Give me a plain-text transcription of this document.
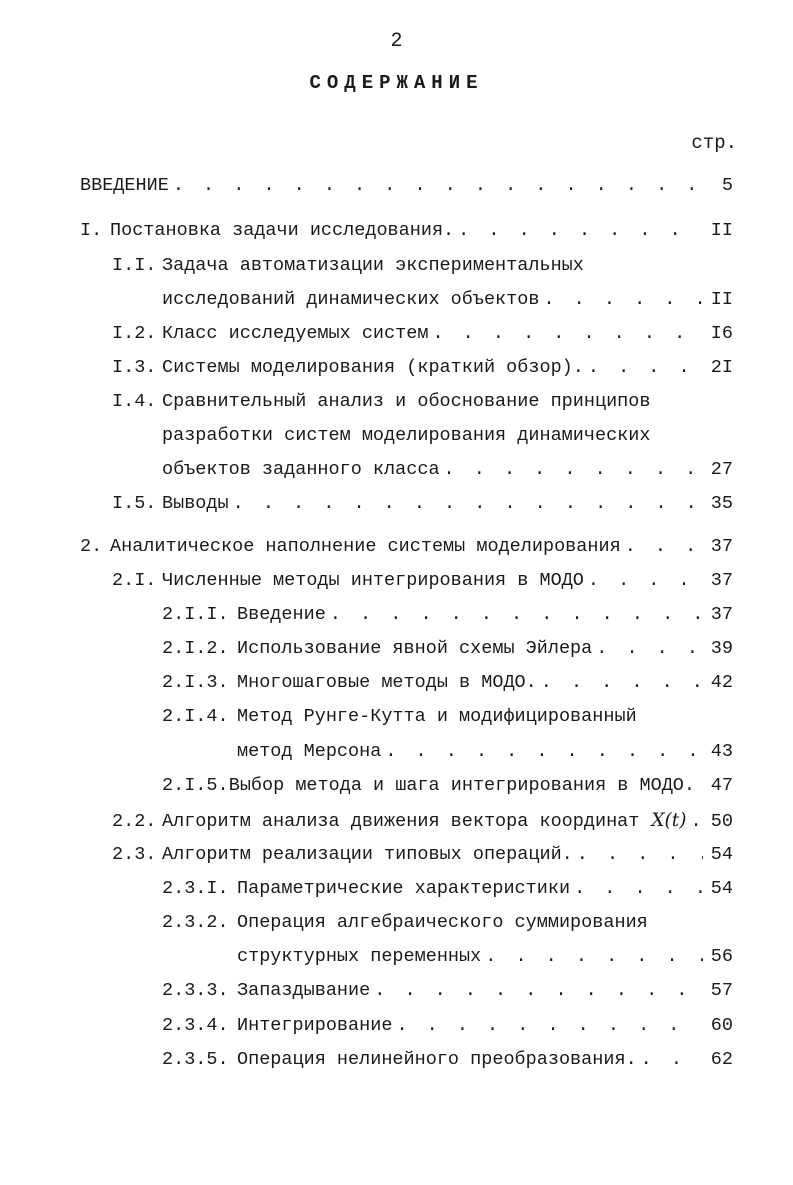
2
СОДЕРЖАНИЕ
стр.
ВВЕДЕНИЕ . . .	5
I. Постановка задачи исследования. . . .	II
I.I. Задача автоматизации экспериментальных
исследований динамических объектов . . .	II
I.2. Класс исследуемых систем . . .	I6
I.3. Системы моделирования (краткий обзор). . . .	2I
I.4. Сравнительный анализ и обоснование принципов
разработки систем моделирования динамических
объектов заданного класса . . .	27
I.5. Выводы . . .	35
2. Аналитическое наполнение системы моделирования . . .	37
2.I. Численные методы интегрирования в МОДО . . .	37
2.I.I. Введение . . .	37
2.I.2. Использование явной схемы Эйлера . . .	39
2.I.3. Многошаговые методы в МОДО. . . .	42
2.I.4. Метод Рунге-Кутта и модифицированный
метод Мерсона . . .	43
2.I.5. Выбор метода и шага интегрирования в МОДО. . . . 47
2.2. Алгоритм анализа движения вектора координат X(t) . . .	50
2.3. Алгоритм реализации типовых операций. . . .	54
2.3.I. Параметрические характеристики . . .	54
2.3.2. Операция алгебраического суммирования
структурных переменных . . .	56
2.3.3. Запаздывание . . .	57
2.3.4. Интегрирование . . .	60
2.3.5. Операция нелинейного преобразования. . . .	62
